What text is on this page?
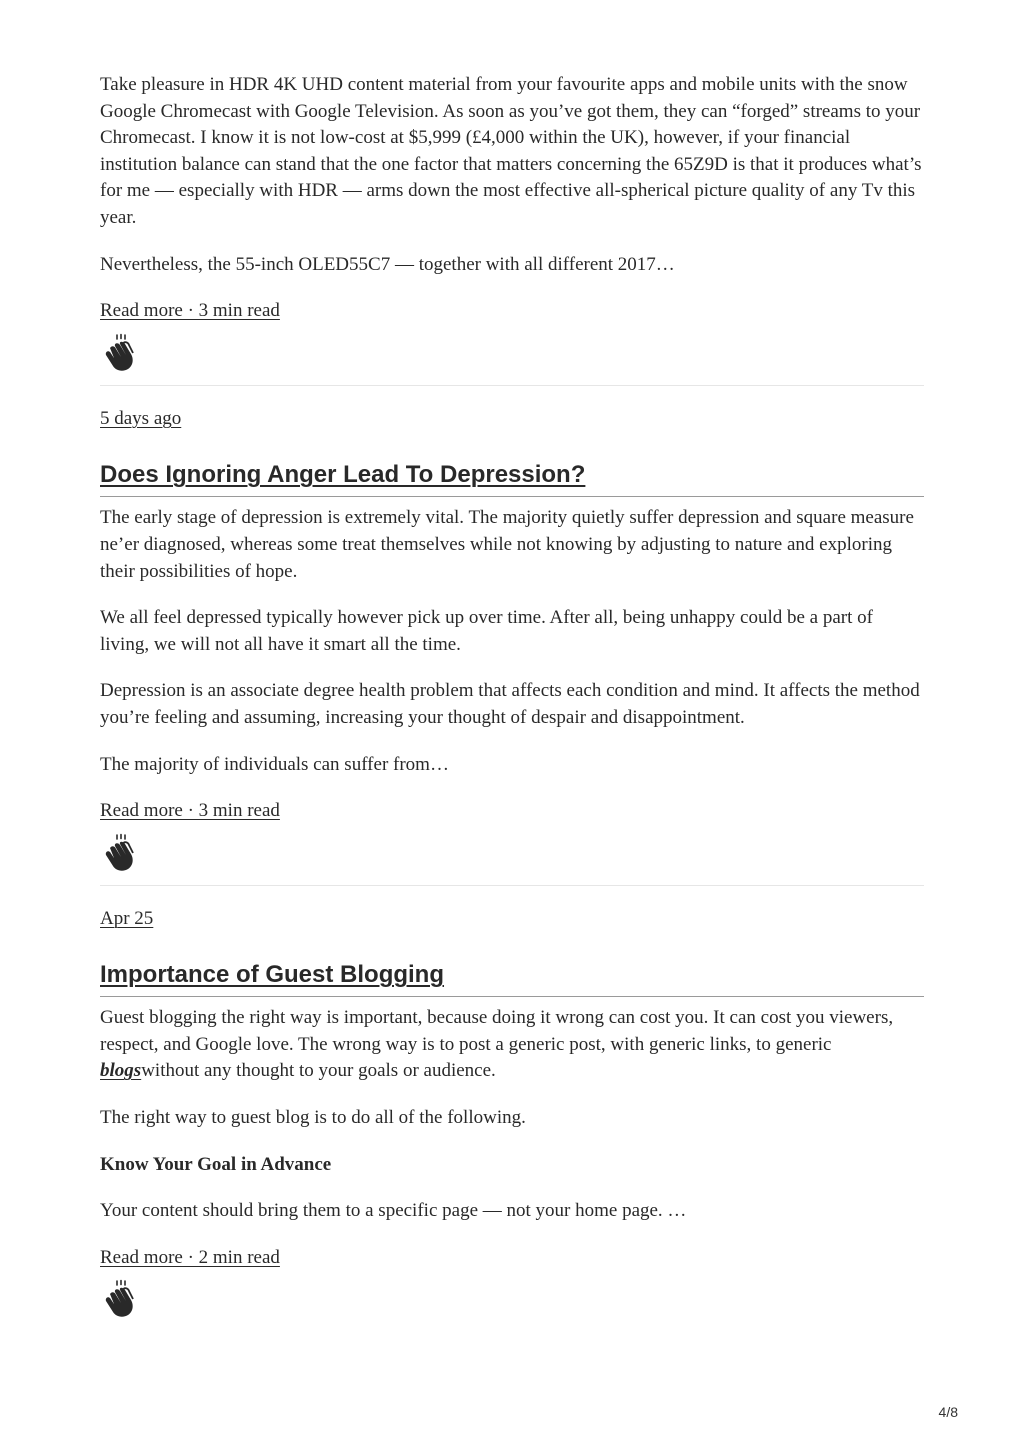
Take pleasure in HDR 4K UHD content material from your favourite apps and mobile units with the snow Google Chromecast with Google Television. As soon as you’ve got them, they can “forged” streams to your Chromecast. I know it is not low-cost at $5,999 (£4,000 within the UK), however, if your financial institution balance can stand that the one factor that matters concerning the 65Z9D is that it produces what’s for me — especially with HDR — arms down the most effective all-spherical picture quality of any Tv this year.

Nevertheless, the 55-inch OLED55C7 — together with all different 2017…

Read more · 3 min read
5 days ago
Does Ignoring Anger Lead To Depression?

The early stage of depression is extremely vital. The majority quietly suffer depression and square measure ne’er diagnosed, whereas some treat themselves while not knowing by adjusting to nature and exploring their possibilities of hope.

We all feel depressed typically however pick up over time. After all, being unhappy could be a part of living, we will not all have it smart all the time.

Depression is an associate degree health problem that affects each condition and mind. It affects the method you’re feeling and assuming, increasing your thought of despair and disappointment.

The majority of individuals can suffer from…

Read more · 3 min read
Apr 25
Importance of Guest Blogging

Guest blogging the right way is important, because doing it wrong can cost you. It can cost you viewers, respect, and Google love. The wrong way is to post a generic post, with generic links, to generic blogswithout any thought to your goals or audience.

The right way to guest blog is to do all of the following.

Know Your Goal in Advance

Your content should bring them to a specific page — not your home page. …

Read more · 2 min read
4/8
